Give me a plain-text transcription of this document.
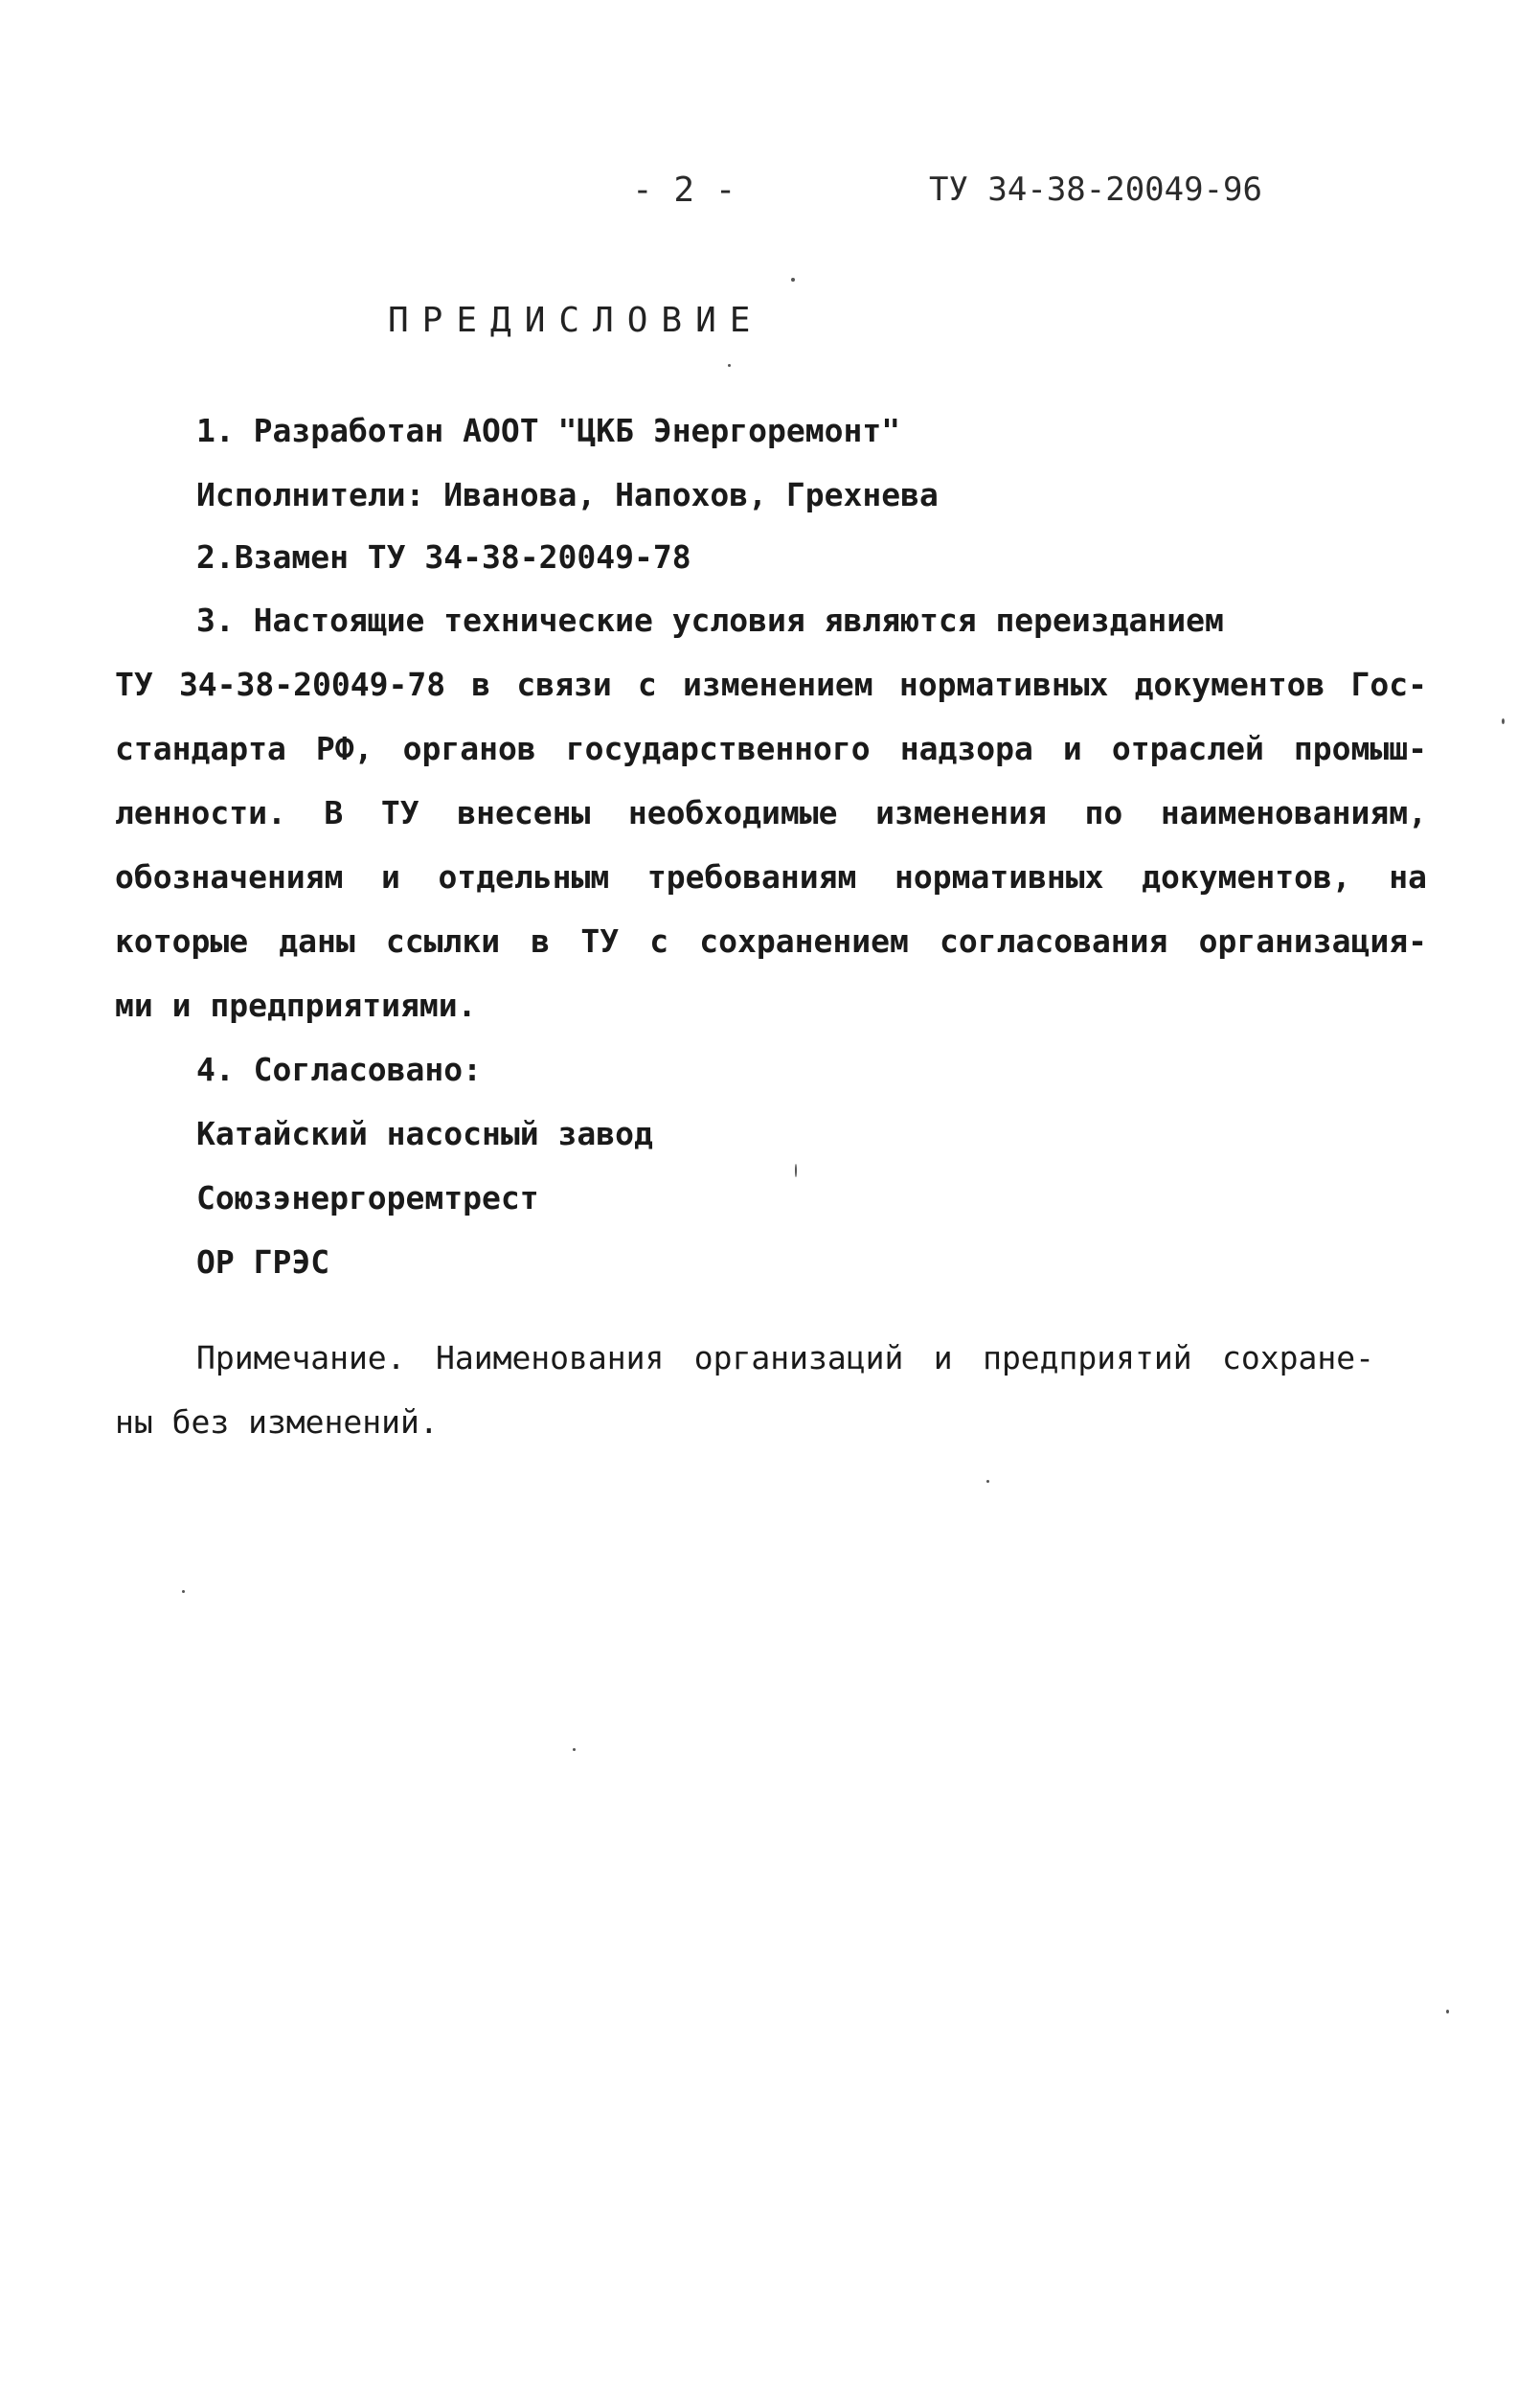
- 2 -	ТУ 34-38-20049-96
ПРЕДИСЛОВИЕ
1. Разработан АООТ "ЦКБ Энергоремонт"
Исполнители: Иванова, Напохов, Грехнева
2.Взамен ТУ 34-38-20049-78
3. Настоящие технические условия являются переизданием
ТУ 34-38-20049-78 в связи с изменением нормативных документов Гос-
стандарта РФ, органов государственного надзора и отраслей промыш-
ленности. В ТУ внесены необходимые изменения по наименованиям,
обозначениям и отдельным требованиям нормативных документов, на
которые даны ссылки в ТУ с сохранением согласования организация-
ми и предприятиями.
4. Согласовано:
Катайский насосный завод
Союзэнергоремтрест
ОР ГРЭС
Примечание. Наименования организаций и предприятий сохране-
ны без изменений.
